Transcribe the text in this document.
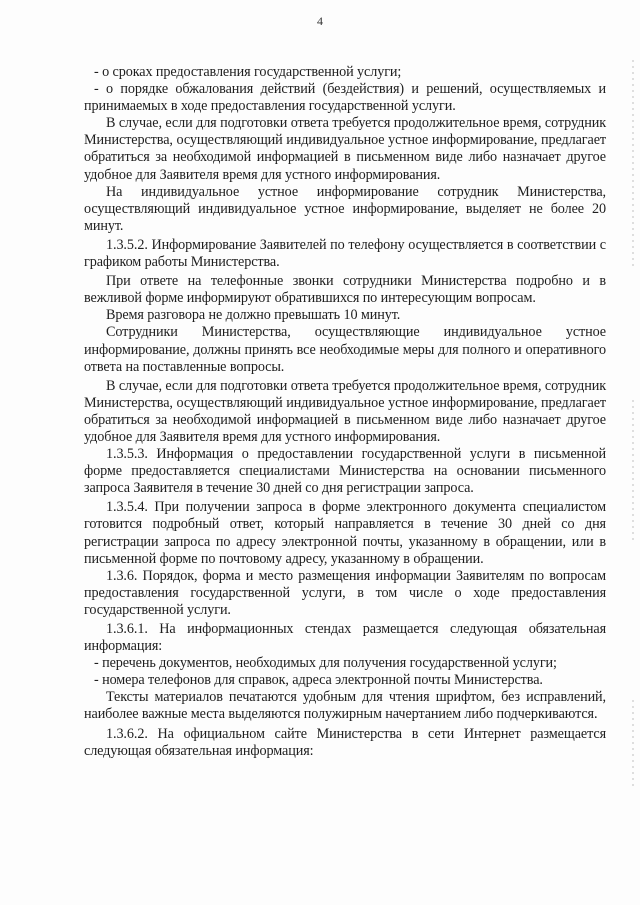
4

- о сроках предоставления государственной услуги;

- о порядке обжалования действий (бездействия) и решений, осуществляемых и принимаемых в ходе предоставления государственной услуги.

В случае, если для подготовки ответа требуется продолжительное время, сотрудник Министерства, осуществляющий индивидуальное устное информирование, предлагает обратиться за необходимой информацией в письменном виде либо назначает другое удобное для Заявителя время для устного информирования.

На индивидуальное устное информирование сотрудник Министерства, осуществляющий индивидуальное устное информирование, выделяет не более 20 минут.

1.3.5.2. Информирование Заявителей по телефону осуществляется в соответствии с графиком работы Министерства.

При ответе на телефонные звонки сотрудники Министерства подробно и в вежливой форме информируют обратившихся по интересующим вопросам.

Время разговора не должно превышать 10 минут.

Сотрудники Министерства, осуществляющие индивидуальное устное информирование, должны принять все необходимые меры для полного и оперативного ответа на поставленные вопросы.

В случае, если для подготовки ответа требуется продолжительное время, сотрудник Министерства, осуществляющий индивидуальное устное информирование, предлагает обратиться за необходимой информацией в письменном виде либо назначает другое удобное для Заявителя время для устного информирования.

1.3.5.3. Информация о предоставлении государственной услуги в письменной форме предоставляется специалистами Министерства на основании письменного запроса Заявителя в течение 30 дней со дня регистрации запроса.

1.3.5.4. При получении запроса в форме электронного документа специалистом готовится подробный ответ, который направляется в течение 30 дней со дня регистрации запроса по адресу электронной почты, указанному в обращении, или в письменной форме по почтовому адресу, указанному в обращении.

1.3.6. Порядок, форма и место размещения информации Заявителям по вопросам предоставления государственной услуги, в том числе о ходе предоставления государственной услуги.

1.3.6.1. На информационных стендах размещается следующая обязательная информация:

- перечень документов, необходимых для получения государственной услуги;

- номера телефонов для справок, адреса электронной почты Министерства.

Тексты материалов печатаются удобным для чтения шрифтом, без исправлений, наиболее важные места выделяются полужирным начертанием либо подчеркиваются.

1.3.6.2. На официальном сайте Министерства в сети Интернет размещается следующая обязательная информация:
